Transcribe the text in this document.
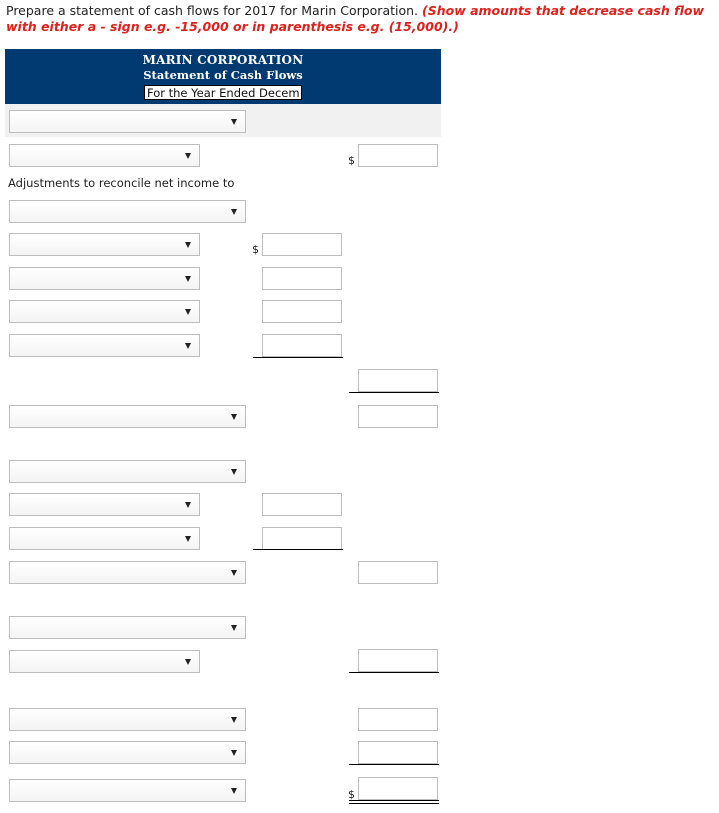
Prepare a statement of cash flows for 2017 for Marin Corporation. (Show amounts that decrease cash flow with either a - sign e.g. -15,000 or in parenthesis e.g. (15,000).)
MARIN CORPORATION
Statement of Cash Flows
For the Year Ended Decem
$
Adjustments to reconcile net income to
$
$
